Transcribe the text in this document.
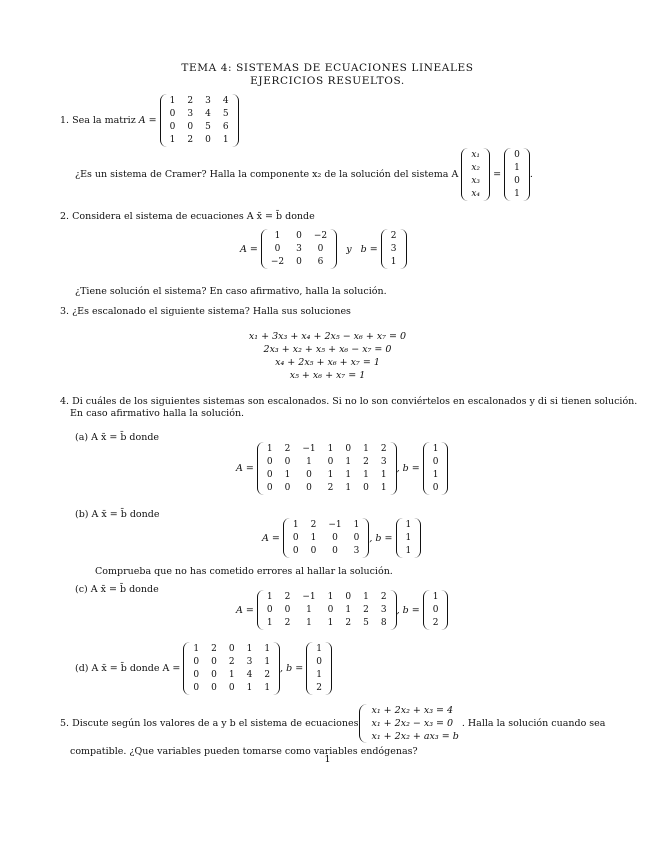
TEMA 4: SISTEMAS DE ECUACIONES LINEALES
EJERCICIOS RESUELTOS.
1. Sea la matriz
A =

1 2 3 4
0 3 4 5
0 0 5 6
1 2 0 1
¿Es un sistema de Cramer? Halla la componente x₂ de la solución del sistema A

x₁
x₂
x₃
x₄

=

0
1
0
1
.
2. Considera el sistema de ecuaciones A x̄ = b̄ donde
A =

1	0 −2
0	3	0
−2 0	6

y
b =

2
3
1
¿Tiene solución el sistema? En caso afirmativo, halla la solución.
3. ¿Es escalonado el siguiente sistema? Halla sus soluciones
x₁ + 3x₃ + x₄ + 2x₅ − x₆ + x₇ = 0
2x₃ + x₂ + x₅ + x₆ − x₇ = 0
x₄ + 2x₅ + x₆ + x₇ = 1
x₅ + x₆ + x₇ = 1
4. Di cuáles de los siguientes sistemas son escalonados. Si no lo son conviértelos en escalonados y di si tienen solución.
En caso afirmativo halla la solución.
(a) A x̄ = b̄ donde
A =

1 2 −1 1 0 1 2
0 0	1	0 1 2 3
0 1	0	1 1 1 1
0 0	0	2 1 0 1
, b =

1
0
1
0
(b) A x̄ = b̄ donde
A =

1 2 −1 1
0 1	0	0
0 0	0	3
, b =

1
1
1
Comprueba que no has cometido errores al hallar la solución.
(c) A x̄ = b̄ donde
A =

1 2 −1 1 0 1 2
0 0	1	0 1 2 3
1 2	1	1 2 5 8
, b =

1
0
2
(d) A x̄ = b̄ donde A =

1 2 0 1 1
0 0 2 3 1
0 0 1 4 2
0 0 0 1 1
, b =

1
0
1
2
5. Discute según los valores de a y b el sistema de ecuaciones
x₁ + 2x₂ + x₃ = 4
x₁ + 2x₂ − x₃ = 0
x₁ + 2x₂ + ax₃ = b

. Halla la solución cuando sea
compatible. ¿Que variables pueden tomarse como variables endógenas?
1
